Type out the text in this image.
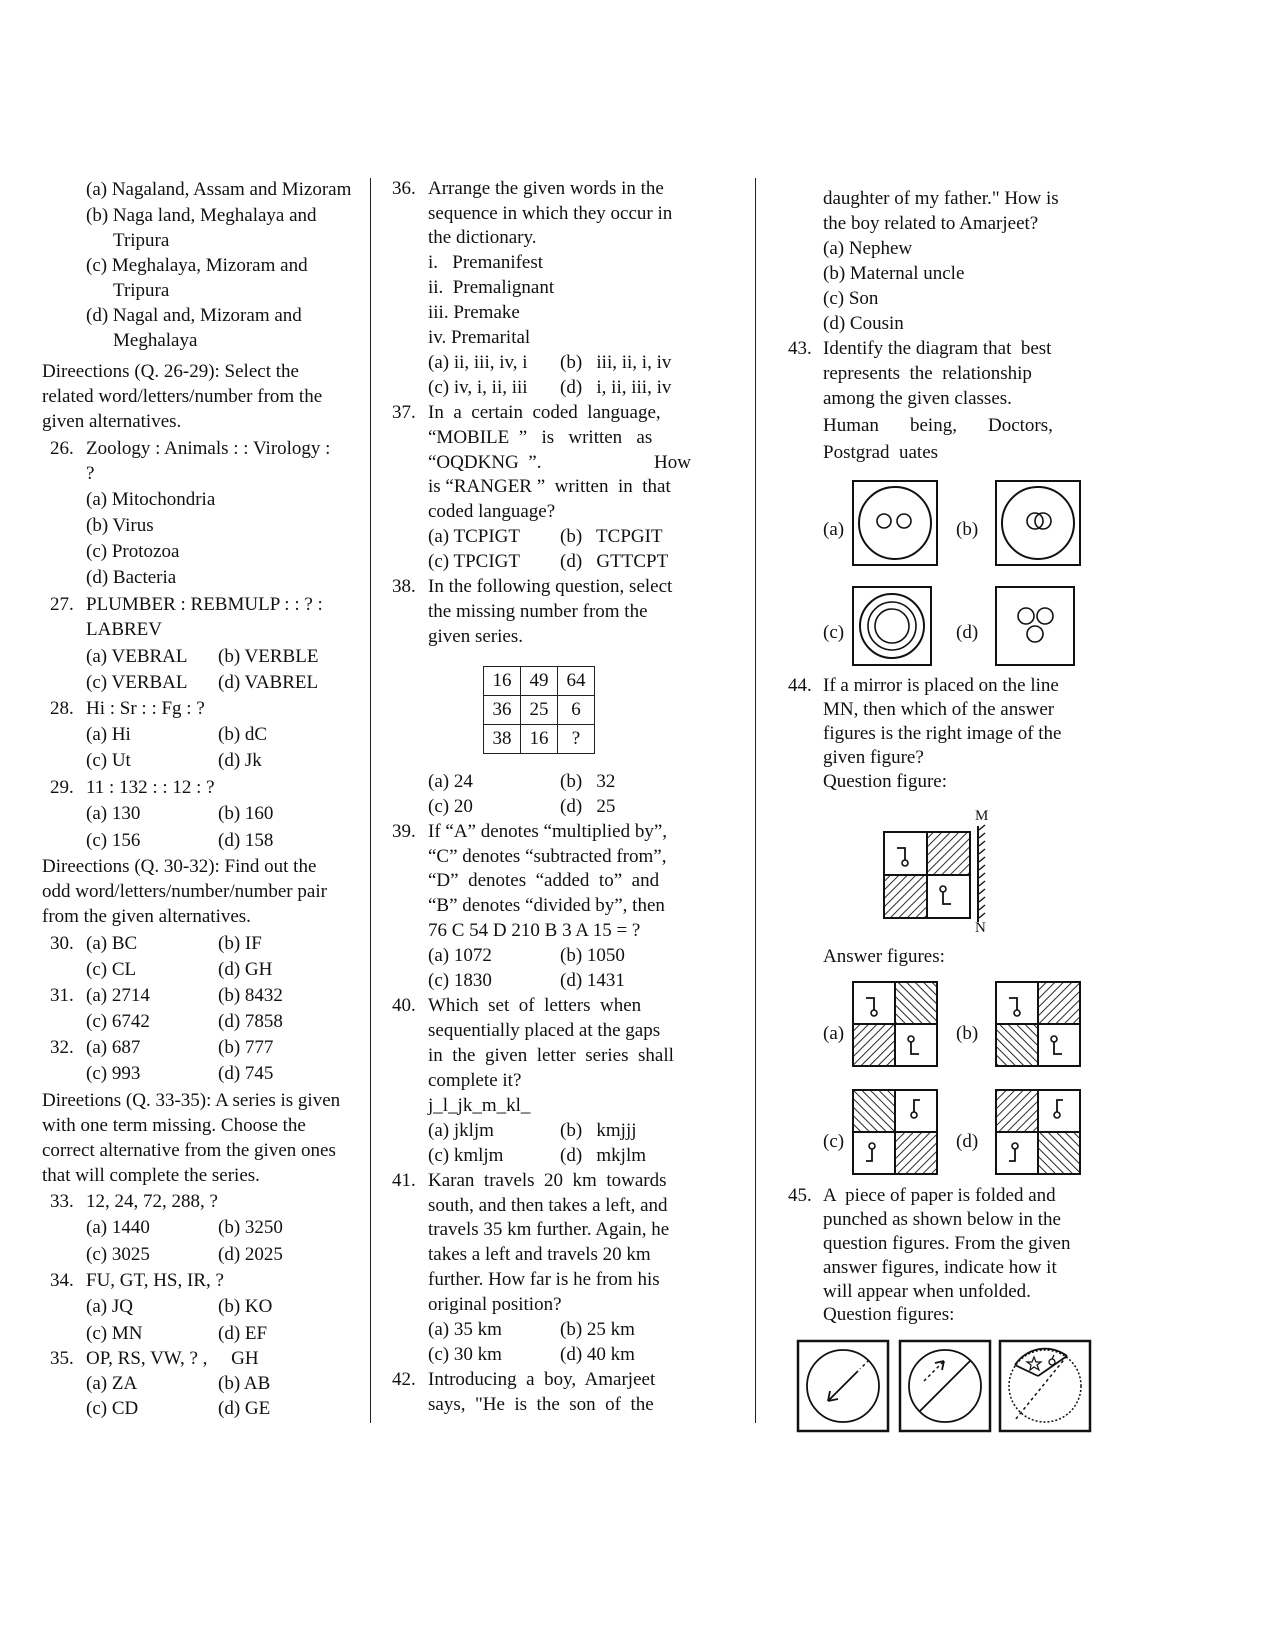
(a) Nagaland, Assam and Mizoram
(b) Naga land, Meghalaya and
Tripura
(c) Meghalaya, Mizoram and
Tripura
(d) Nagal and, Mizoram and
Meghalaya
Direections (Q. 26-29): Select the
related word/letters/number from the
given alternatives.
26. Zoology : Animals : : Virology :
?
(a) Mitochondria
(b) Virus
(c) Protozoa
(d) Bacteria
27. PLUMBER : REBMULP : : ? :
LABREV
(a) VEBRAL (b) VERBLE
(c) VERBAL (d) VABREL
28. Hi : Sr : : Fg : ?
(a) Hi	(b) dC
(c) Ut	(d) Jk
29. 11 : 132 : : 12 : ?
(a) 130	(b) 160
(c) 156	(d) 158
Direections (Q. 30-32): Find out the
odd word/letters/number/number pair
from the given alternatives.
30. (a) BC	(b) IF
(c) CL	(d) GH
31. (a) 2714	(b) 8432
(c) 6742	(d) 7858
32. (a) 687	(b) 777
(c) 993	(d) 745
Direetions (Q. 33-35): A series is given
with one term missing. Choose the
correct alternative from the given ones
that will complete the series.
33. 12, 24, 72, 288, ?
(a) 1440	(b) 3250
(c) 3025	(d) 2025
34. FU, GT, HS, IR, ?
(a) JQ	(b) KO
(c) MN	(d) EF
35. OP, RS, VW, ? ,     GH
(a) ZA	(b) AB
(c) CD	(d) GE
36. Arrange the given words in the
sequence in which they occur in
the dictionary.
i.   Premanifest
ii.  Premalignant
iii. Premake
iv. Premarital
(a) ii, iii, iv, i (b)   iii, ii, i, iv
(c) iv, i, ii, iii (d)   i, ii, iii, iv
37. In  a  certain  coded  language,
“MOBILE  ”   is   written   as
“OQDKNG  ”.	How
is “RANGER ”  written  in  that
coded language?
(a) TCPIGT (b)   TCPGIT
(c) TPCIGT (d)   GTTCPT
38. In the following question, select
the missing number from the
given series.
16	49	64
36	25	6
38	16	?
(a) 24	(b)   32
(c) 20	(d)   25
39. If “A” denotes “multiplied by”,
“C” denotes “subtracted from”,
“D”  denotes  “added  to”  and
“B” denotes “divided by”, then
76 C 54 D 210 B 3 A 15 = ?
(a) 1072	(b) 1050
(c) 1830	(d) 1431
40. Which  set  of  letters  when
sequentially placed at the gaps
in  the  given  letter  series  shall
complete it?
j_l_jk_m_kl_
(a) jkljm	(b)   kmjjj
(c) kmljm	(d)   mkjlm
41. Karan  travels  20  km  towards
south, and then takes a left, and
travels 35 km further. Again, he
takes a left and travels 20 km
further. How far is he from his
original position?
(a) 35 km	(b) 25 km
(c) 30 km	(d) 40 km
42. Introducing  a  boy,  Amarjeet
says,  "He  is  the  son  of  the
daughter of my father." How is
the boy related to Amarjeet?
(a) Nephew
(b) Maternal uncle
(c) Son
(d) Cousin
43. Identify the diagram that  best
represents  the  relationship
among the given classes.
Human being, Doctors,
Postgrad  uates
(a)	(b)
(c)	(d)
44. If a mirror is placed on the line
MN, then which of the answer
figures is the right image of the
given figure?
Question figure:
M
N
Answer figures:
(a)	(b)
(c)	(d)
45. A  piece of paper is folded and
punched as shown below in the
question figures. From the given
answer figures, indicate how it
will appear when unfolded.
Question figures:
